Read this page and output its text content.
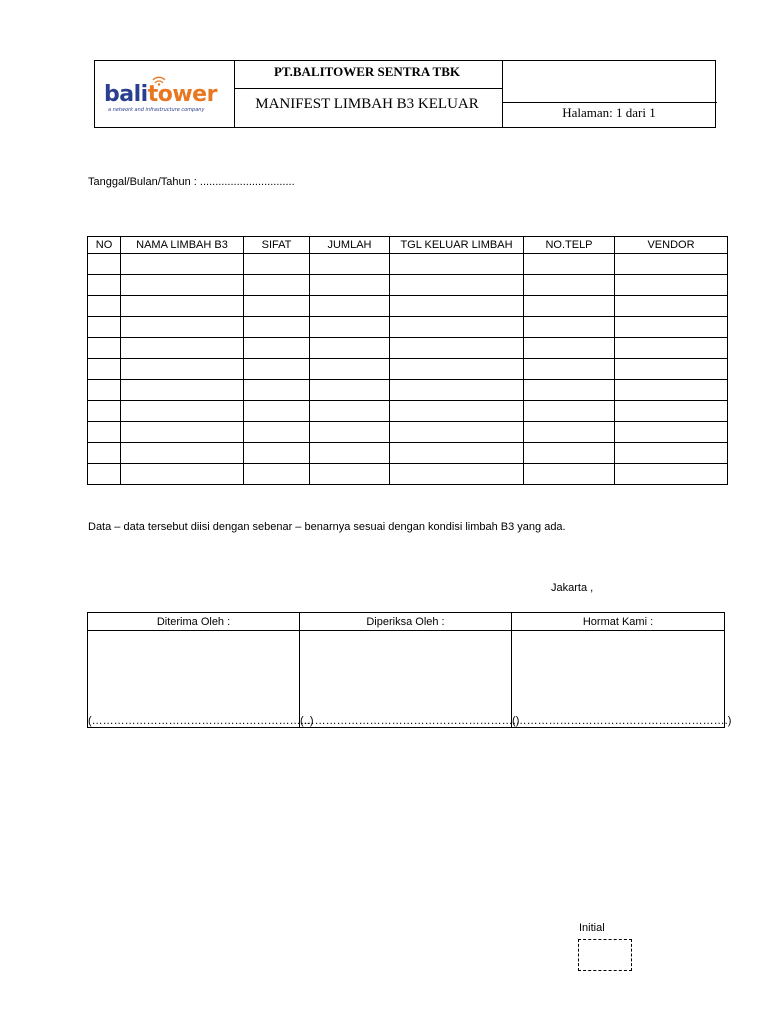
balitower
a network and infrastructure company
PT.BALITOWER SENTRA TBK
MANIFEST LIMBAH B3 KELUAR
Halaman: 1 dari 1
Tanggal/Bulan/Tahun : ...............................
NO	NAMA LIMBAH B3	SIFAT	JUMLAH	TGL KELUAR LIMBAH	NO.TELP	VENDOR

Data – data tersebut diisi dengan sebenar – benarnya sesuai dengan kondisi limbah B3 yang ada.
Jakarta ,
Diterima Oleh :	Diperiksa Oleh :	Hormat Kami :
(…………………………………………………...)	(………………………………………………….)	(………………………………………………….)
Initial
